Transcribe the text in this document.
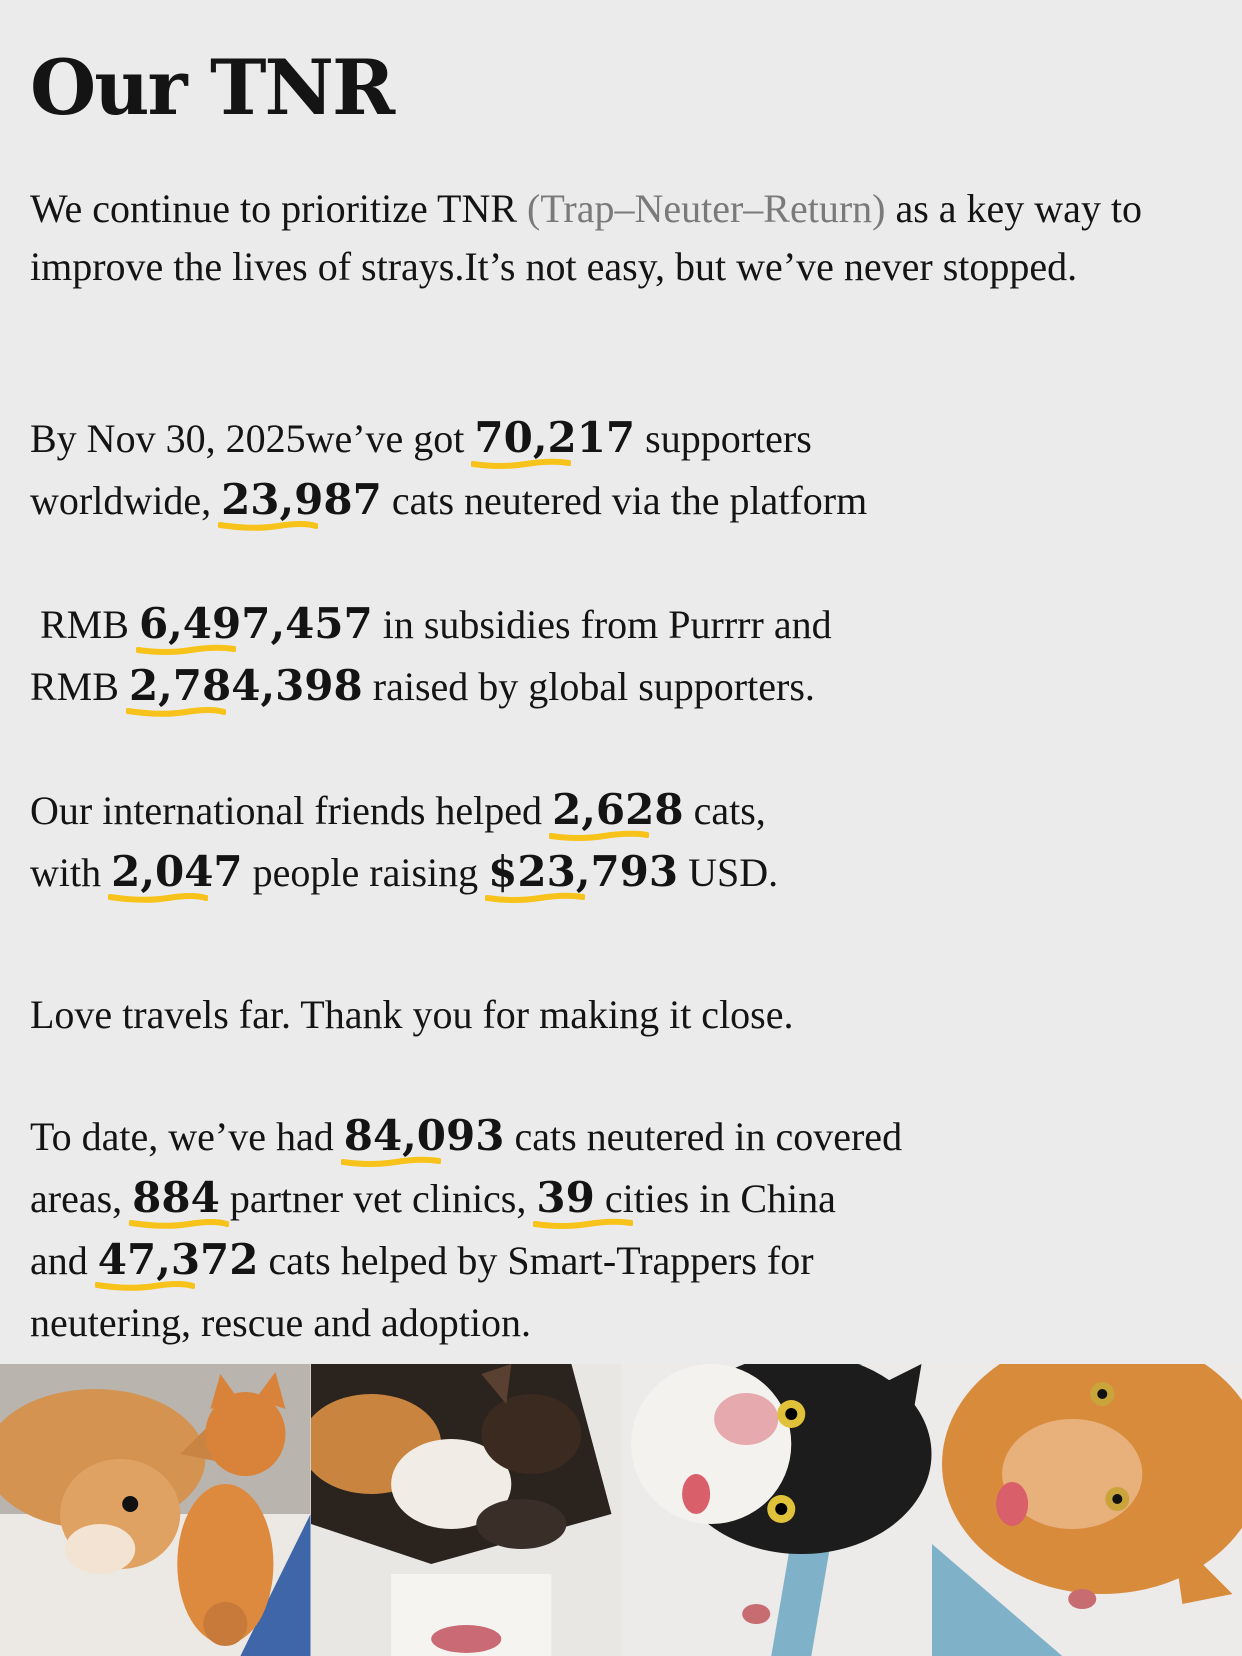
Our TNR

We continue to prioritize TNR (Trap–Neuter–Return) as a key way to improve the lives of strays.It’s not easy, but we’ve never stopped.

By Nov 30, 2025we’ve got 70,217
supporters
worldwide, 23,987
cats neutered via the platform

RMB 6,497,457
in subsidies from Purrrr and
RMB 2,784,398
raised by global supporters.

Our international friends helped 2,628
cats,
with 2,047
people raising $23,793
USD.

Love travels far. Thank you for making it close.

To date, we’ve had 84,093
cats neutered in covered
areas, 884
partner vet clinics, 39
cities in China
and 47,372
cats helped by Smart-Trappers for
neutering, rescue and adoption.
